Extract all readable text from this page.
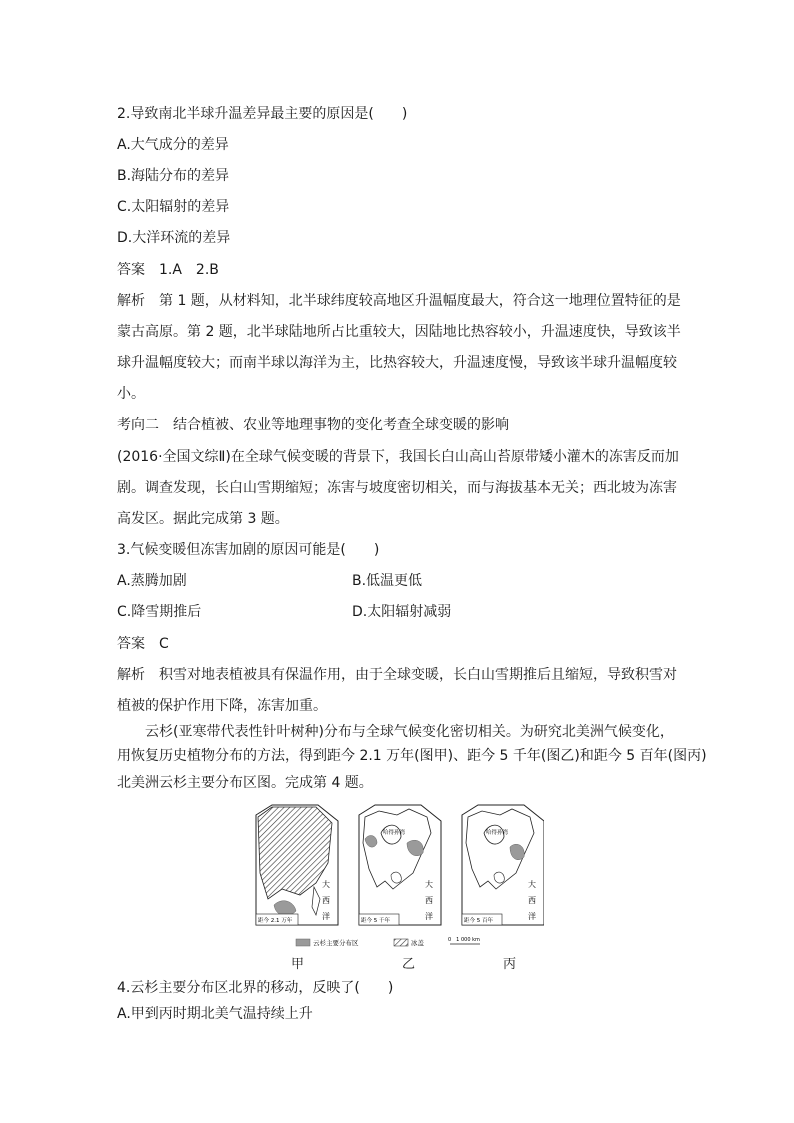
2.导致南北半球升温差异最主要的原因是(　　)
A.大气成分的差异
B.海陆分布的差异
C.太阳辐射的差异
D.大洋环流的差异
答案　1.A　2.B
解析　第 1 题，从材料知，北半球纬度较高地区升温幅度最大，符合这一地理位置特征的是
蒙古高原。第 2 题，北半球陆地所占比重较大，因陆地比热容较小，升温速度快，导致该半
球升温幅度较大；而南半球以海洋为主，比热容较大，升温速度慢，导致该半球升温幅度较
小。
考向二　结合植被、农业等地理事物的变化考查全球变暖的影响
(2016·全国文综Ⅱ)在全球气候变暖的背景下，我国长白山高山苔原带矮小灌木的冻害反而加
剧。调查发现，长白山雪期缩短；冻害与坡度密切相关，而与海拔基本无关；西北坡为冻害
高发区。据此完成第 3 题。
3.气候变暖但冻害加剧的原因可能是(　　)
A.蒸腾加剧	B.低温更低
C.降雪期推后	D.太阳辐射减弱
答案　C
解析　积雪对地表植被具有保温作用，由于全球变暖，长白山雪期推后且缩短，导致积雪对
植被的保护作用下降，冻害加重。
　　云杉(亚寒带代表性针叶树种)分布与全球气候变化密切相关。为研究北美洲气候变化，
用恢复历史植物分布的方法，得到距今 2.1 万年(图甲)、距今 5 千年(图乙)和距今 5 百年(图丙)
北美洲云杉主要分布区图。完成第 4 题。
距今 2.1 万年
大
西
洋
哈得孙湾
距今 5 千年
大
西
洋
哈得孙湾
距今 5 百年
大
西
洋
云杉主要分布区	冰盖	0　1 000 km
甲	乙	丙
4.云杉主要分布区北界的移动，反映了(　　)
A.甲到丙时期北美气温持续上升
